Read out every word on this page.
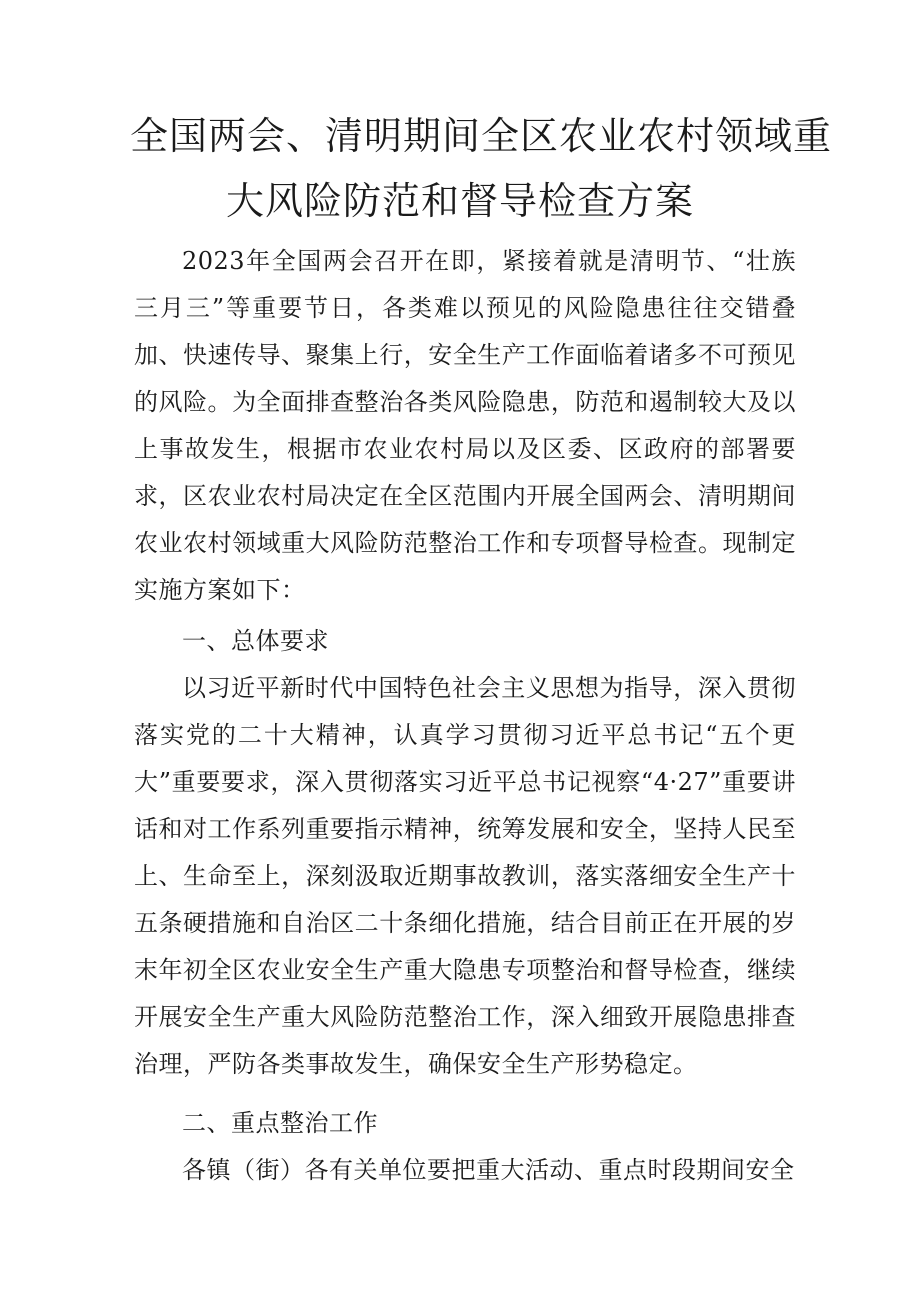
全国两会、清明期间全区农业农村领域重
大风险防范和督导检查方案

2023年全国两会召开在即，紧接着就是清明节、“壮族三月三”等重要节日，各类难以预见的风险隐患往往交错叠加、快速传导、聚集上行，安全生产工作面临着诸多不可预见的风险。为全面排查整治各类风险隐患，防范和遏制较大及以上事故发生，根据市农业农村局以及区委、区政府的部署要求，区农业农村局决定在全区范围内开展全国两会、清明期间农业农村领域重大风险防范整治工作和专项督导检查。现制定实施方案如下：

一、总体要求

以习近平新时代中国特色社会主义思想为指导，深入贯彻落实党的二十大精神，认真学习贯彻习近平总书记“五个更大”重要要求，深入贯彻落实习近平总书记视察“4·27”重要讲话和对工作系列重要指示精神，统筹发展和安全，坚持人民至上、生命至上，深刻汲取近期事故教训，落实落细安全生产十五条硬措施和自治区二十条细化措施，结合目前正在开展的岁末年初全区农业安全生产重大隐患专项整治和督导检查，继续开展安全生产重大风险防范整治工作，深入细致开展隐患排查治理，严防各类事故发生，确保安全生产形势稳定。

二、重点整治工作

各镇（街）各有关单位要把重大活动、重点时段期间安全
